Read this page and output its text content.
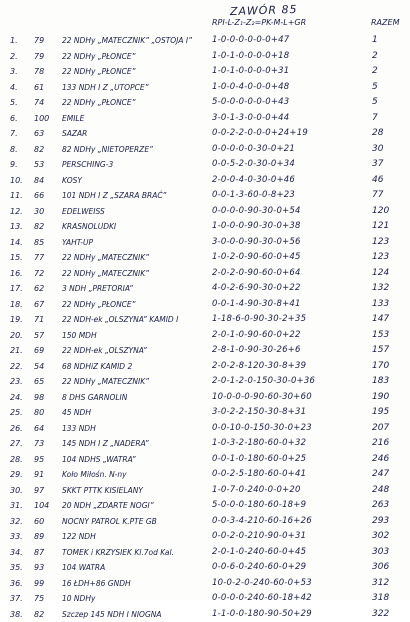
ZAWÓR 85
RPI-L-Z₁-Z₂=PK-M-L+GR	RAZEM
1.	79	22 NDHy „MATECZNIK” „OSTOJA I”	1-0-0-0-0-0-0+47	1
2.	79	22 NDHy „PŁONCE”	1-0-1-0-0-0-0+18	2
3.	78	22 NDHy „PŁONCE”	1-0-1-0-0-0-0+31	2
4.	61	133 NDH I Z „UTOPCE”	1-0-0-4-0-0-0+48	5
5.	74	22 NDHy „PŁONCE”	5-0-0-0-0-0-0+43	5
6.	100	EMILE	3-0-1-3-0-0-0+44	7
7.	63	SAZAR	0-0-2-2-0-0-0+24+19	28
8.	82	82 NDHy „NIETOPERZE”	0-0-0-0-0-30-0+21	30
9.	53	PERSCHING-3	0-0-5-2-0-30-0+34	37
10.	84	KOSY	2-0-0-4-0-30-0+46	46
11.	66	101 NDH I Z „SZARA BRAĆ”	0-0-1-3-60-0-8+23	77
12.	30	EDELWEISS	0-0-0-0-90-30-0+54	120
13.	82	KRASNOLUDKI	1-0-0-0-90-30-0+38	121
14.	85	YAHT-UP	3-0-0-0-90-30-0+56	123
15.	77	22 NDHy „MATECZNIK”	1-0-2-0-90-60-0+45	123
16.	72	22 NDHy „MATECZNIK”	2-0-2-0-90-60-0+64	124
17.	62	3 NDH „PRETORIA”	4-0-2-6-90-30-0+22	132
18.	67	22 NDHy „PŁONCE”	0-0-1-4-90-30-8+41	133
19.	71	22 NDH-ek „OLSZYNA” KAMID I	1-18-6-0-90-30-2+35	147
20.	57	150 MDH	2-0-1-0-90-60-0+22	153
21.	69	22 NDH-ek „OLSZYNA”	2-8-1-0-90-30-26+6	157
22.	54	68 NDHiZ KAMID 2	2-0-2-8-120-30-8+39	170
23.	65	22 NDHy „MATECZNIK”	2-0-1-2-0-150-30-0+36	183
24.	98	8 DHS GARNOLIN	10-0-0-0-90-60-30+60	190
25.	80	45 NDH	3-0-2-2-150-30-8+31	195
26.	64	133 NDH	0-0-10-0-150-30-0+23	207
27.	73	145 NDH I Z „NADERA”	1-0-3-2-180-60-0+32	216
28.	95	104 NDHS „WATRA”	0-0-1-0-180-60-0+25	246
29.	91	Koło Miłośn. N-ny	0-0-2-5-180-60-0+41	247
30.	97	SKKT PTTK KISIELANY	1-0-7-0-240-0-0+20	248
31.	104	20 NDH „ZDARTE NOGI”	5-0-0-0-180-60-18+9	263
32.	60	NOCNY PATROL K.PTE GB	0-0-3-4-210-60-16+26	293
33.	89	122 NDH	0-0-2-0-210-90-0+31	302
34.	87	TOMEK i KRZYSIEK Kl.7od Kal.	2-0-1-0-240-60-0+45	303
35.	93	104 WATRA	0-0-6-0-240-60-0+29	306
36.	99	16 ŁDH+86 GNDH	10-0-2-0-240-60-0+53	312
37.	75	10 NDHy	0-0-0-0-240-60-18+42	318
38.	82	Szczep 145 NDH I NIOGNA	1-1-0-0-180-90-50+29	322
